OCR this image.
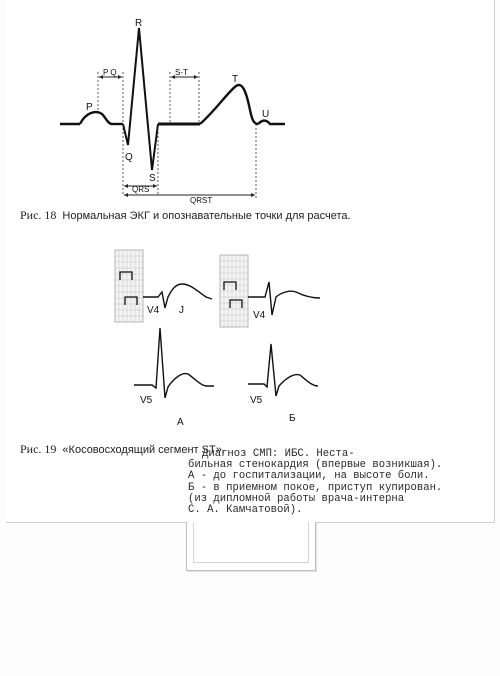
R
P
Q
S
T
U
P Q	S-T
QRS
QRST
V4 J	V4
V5	V5
А	Б
Рис. 18 Нормальная ЭКГ и опознавательные точки для расчета.
Рис. 19 «Косовосходящий сегмент ST».
Диагноз СМП: ИБС. Неста-
бильная стенокардия (впервые возникшая).
А - до госпитализации, на высоте боли.
Б - в приемном покое, приступ купирован.
(из дипломной работы врача-интерна
С. А. Камчатовой).
